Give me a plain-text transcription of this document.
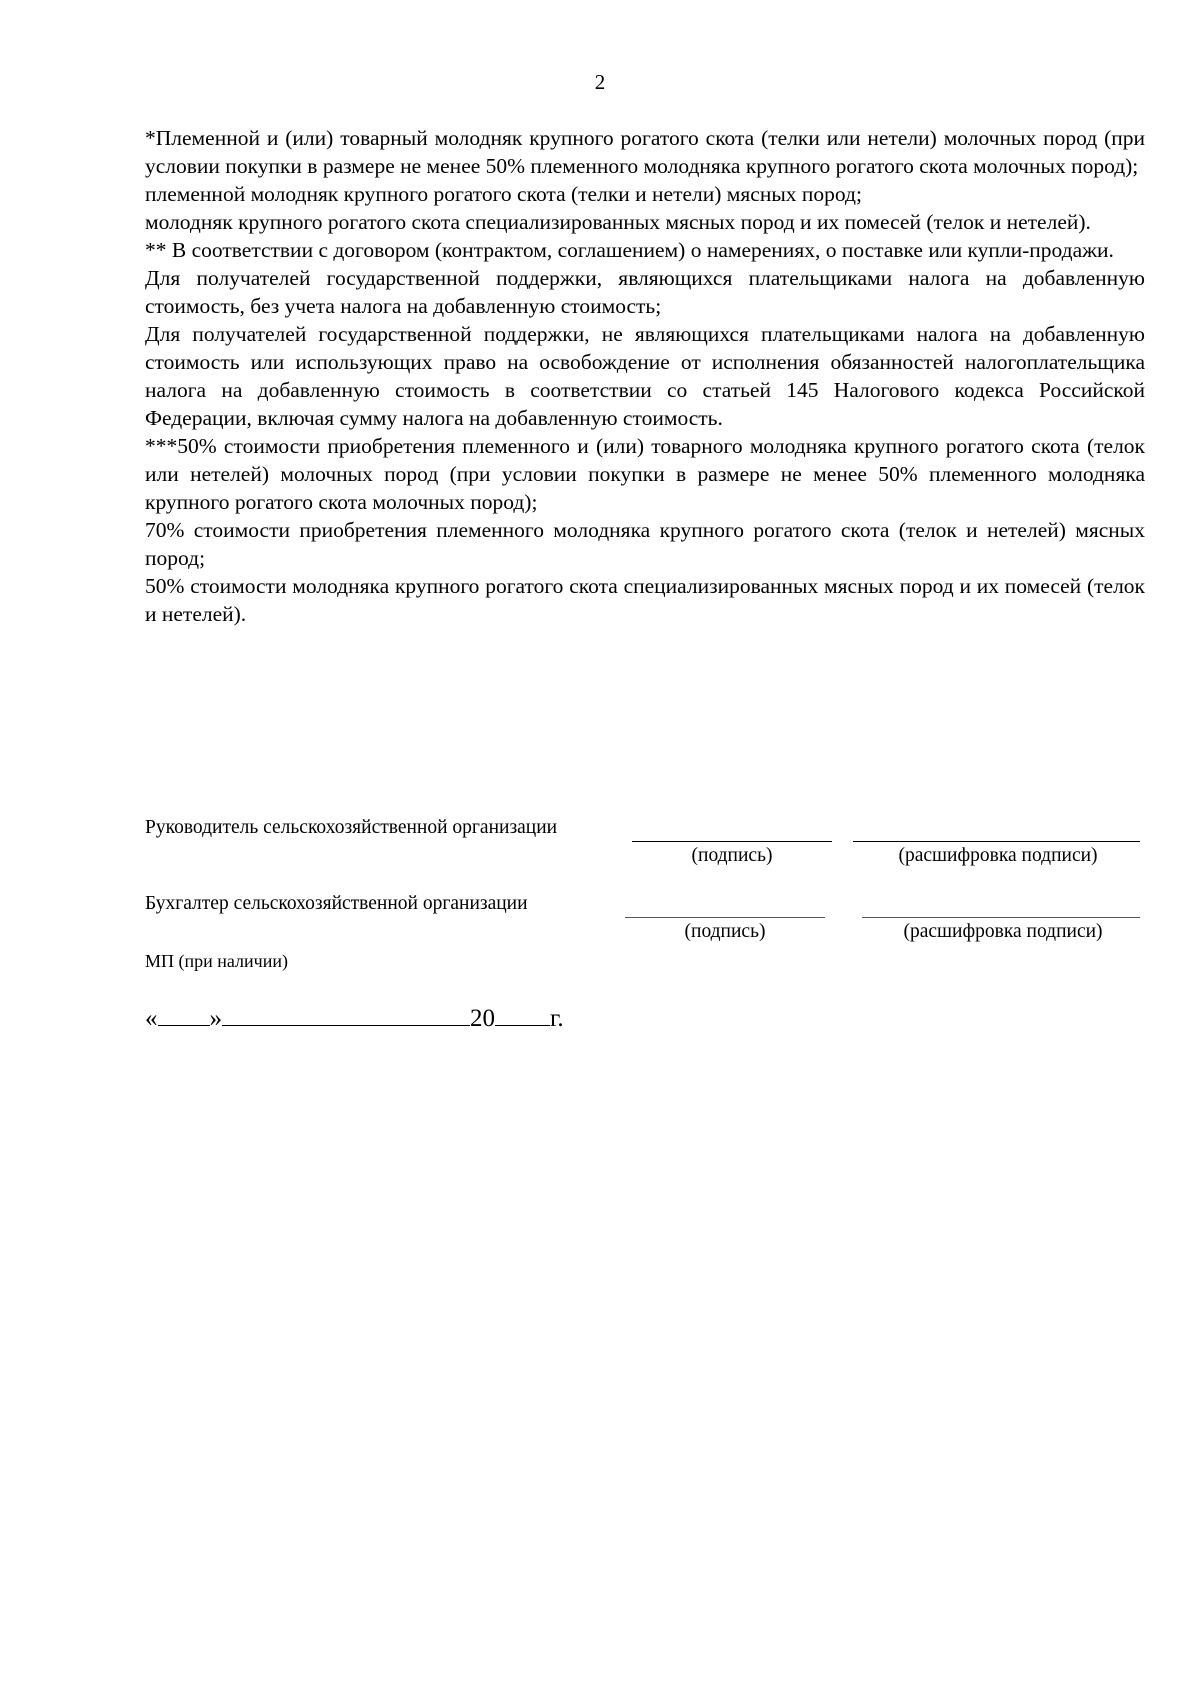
2

*Племенной и (или) товарный молодняк крупного рогатого скота (телки или нетели) молочных пород (при условии покупки в размере не менее 50% племенного молодняка крупного рогатого скота молочных пород);

племенной молодняк крупного рогатого скота (телки и нетели) мясных пород;

молодняк крупного рогатого скота специализированных мясных пород и их помесей (телок и нетелей).

** В соответствии с договором (контрактом, соглашением) о намерениях, о поставке или купли-продажи.

Для получателей государственной поддержки, являющихся плательщиками налога на добавленную стоимость, без учета налога на добавленную стоимость;

Для получателей государственной поддержки, не являющихся плательщиками налога на добавленную стоимость или использующих право на освобождение от исполнения обязанностей налогоплательщика налога на добавленную стоимость в соответствии со статьей 145 Налогового кодекса Российской Федерации, включая сумму налога на добавленную стоимость.

***50% стоимости приобретения племенного и (или) товарного молодняка крупного рогатого скота (телок или нетелей) молочных пород (при условии покупки в размере не менее 50% племенного молодняка крупного рогатого скота молочных пород);

70% стоимости приобретения племенного молодняка крупного рогатого скота (телок и нетелей) мясных пород;

50% стоимости молодняка крупного рогатого скота специализированных мясных пород и их помесей (телок и нетелей).

Руководитель сельскохозяйственной организации
(подпись)	(расшифровка подписи)
Бухгалтер сельскохозяйственной организации
(подпись)	(расшифровка подписи)
МП (при наличии)
« »	20 г.
